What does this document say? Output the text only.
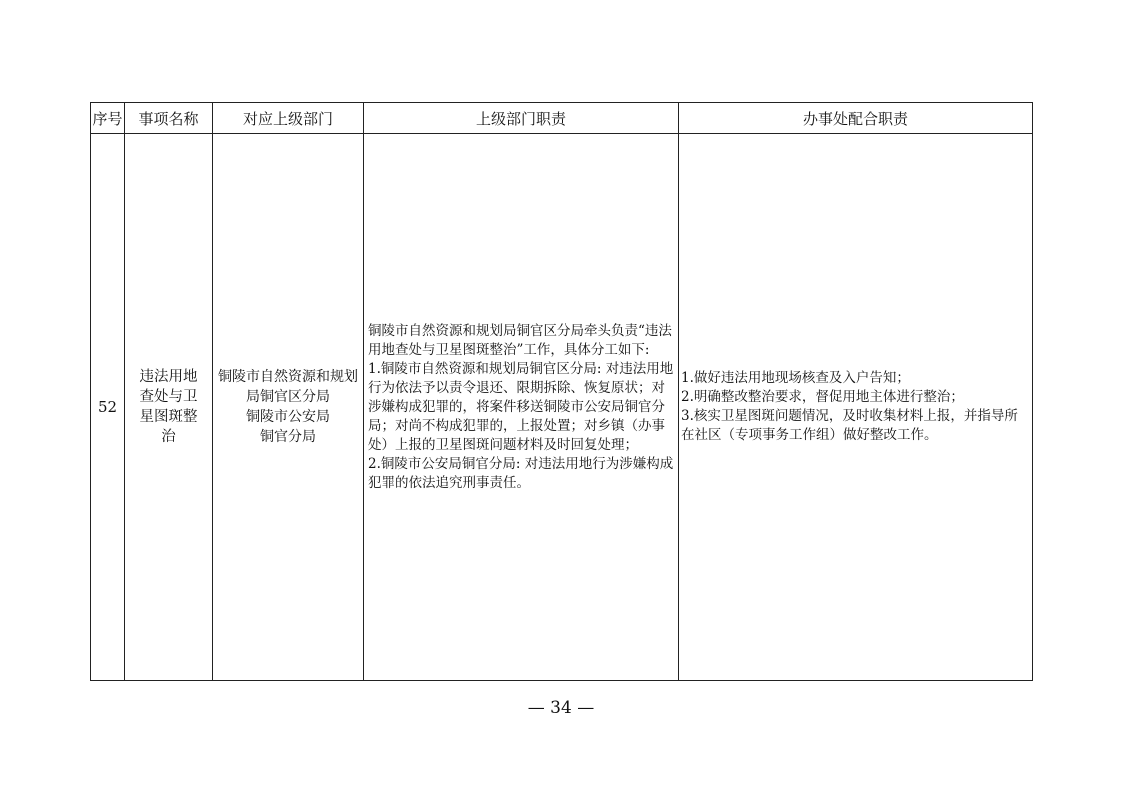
序号	事项名称	对应上级部门	上级部门职责	办事处配合职责
52	违法用地查处与卫星图斑整治	铜陵市自然资源和规划局铜官区分局
铜陵市公安局
铜官分局	铜陵市自然资源和规划局铜官区分局牵头负责“违法用地查处与卫星图斑整治”工作，具体分工如下:
1.铜陵市自然资源和规划局铜官区分局: 对违法用地行为依法予以责令退还、限期拆除、恢复原状；对涉嫌构成犯罪的，将案件移送铜陵市公安局铜官分局；对尚不构成犯罪的，上报处置；对乡镇（办事处）上报的卫星图斑问题材料及时回复处理；
2.铜陵市公安局铜官分局: 对违法用地行为涉嫌构成犯罪的依法追究刑事责任。	1.做好违法用地现场核查及入户告知；
2.明确整改整治要求，督促用地主体进行整治；
3.核实卫星图斑问题情况，及时收集材料上报，并指导所在社区（专项事务工作组）做好整改工作。
— 34 —
